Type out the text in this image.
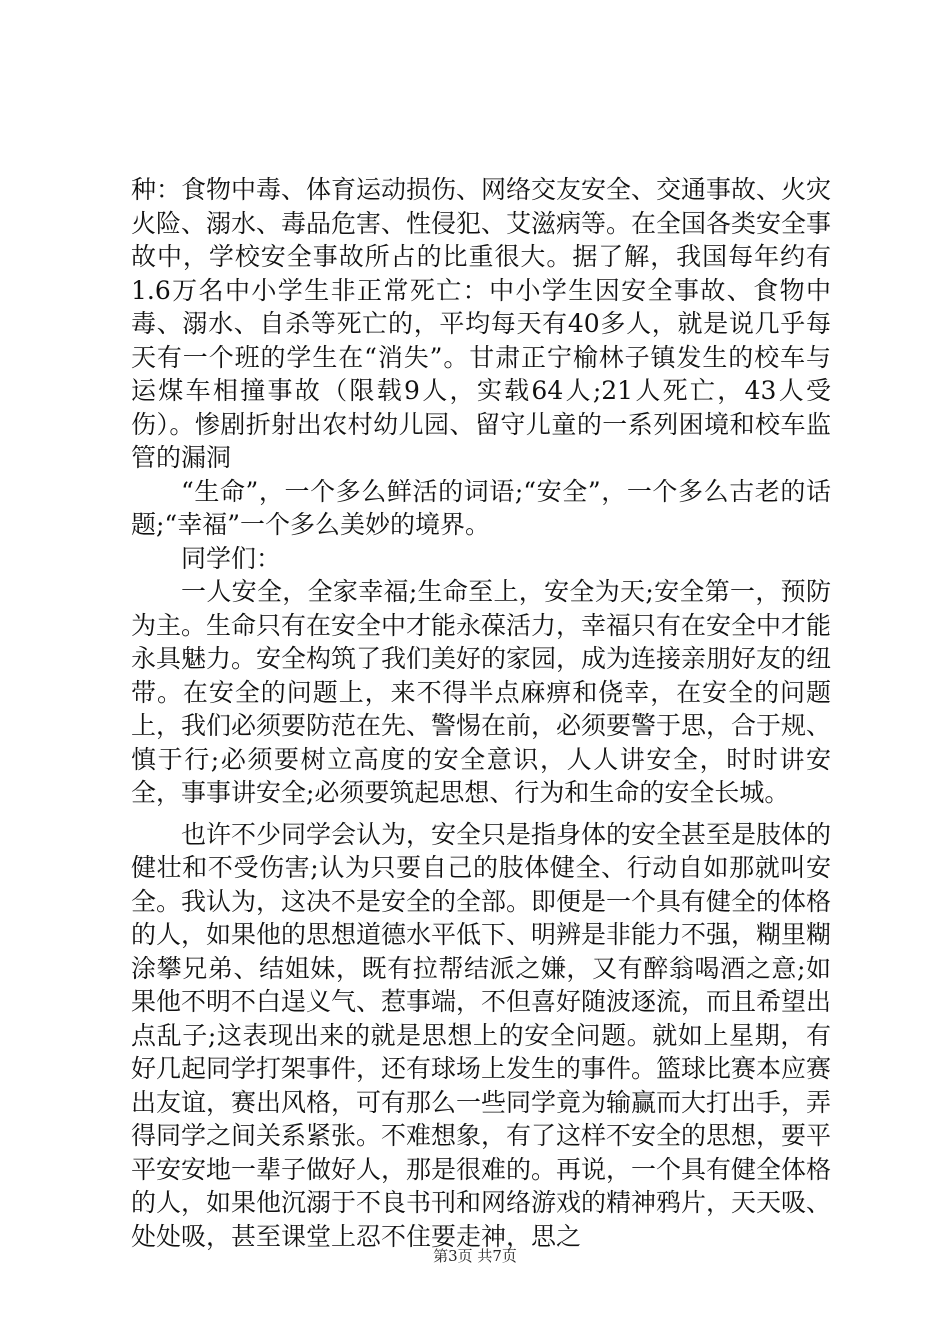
种：食物中毒、体育运动损伤、网络交友安全、交通事故、火灾火险、溺水、毒品危害、性侵犯、艾滋病等。在全国各类安全事故中，学校安全事故所占的比重很大。据了解，我国每年约有1.6万名中小学生非正常死亡：中小学生因安全事故、食物中毒、溺水、自杀等死亡的，平均每天有40多人，就是说几乎每天有一个班的学生在“消失”。甘肃正宁榆林子镇发生的校车与运煤车相撞事故（限载9人，实载64人;21人死亡，43人受伤）。惨剧折射出农村幼儿园、留守儿童的一系列困境和校车监管的漏洞

“生命”，一个多么鲜活的词语;“安全”，一个多么古老的话题;“幸福”一个多么美妙的境界。

同学们：

一人安全，全家幸福;生命至上，安全为天;安全第一，预防为主。生命只有在安全中才能永葆活力，幸福只有在安全中才能永具魅力。安全构筑了我们美好的家园，成为连接亲朋好友的纽带。在安全的问题上，来不得半点麻痹和侥幸，在安全的问题上，我们必须要防范在先、警惕在前，必须要警于思，合于规、慎于行;必须要树立高度的安全意识，人人讲安全，时时讲安全，事事讲安全;必须要筑起思想、行为和生命的安全长城。

也许不少同学会认为，安全只是指身体的安全甚至是肢体的健壮和不受伤害;认为只要自己的肢体健全、行动自如那就叫安全。我认为，这决不是安全的全部。即便是一个具有健全的体格的人，如果他的思想道德水平低下、明辨是非能力不强，糊里糊涂攀兄弟、结姐妹，既有拉帮结派之嫌，又有醉翁喝酒之意;如果他不明不白逞义气、惹事端，不但喜好随波逐流，而且希望出点乱子;这表现出来的就是思想上的安全问题。就如上星期，有好几起同学打架事件，还有球场上发生的事件。篮球比赛本应赛出友谊，赛出风格，可有那么一些同学竟为输赢而大打出手，弄得同学之间关系紧张。不难想象，有了这样不安全的思想，要平平安安地一辈子做好人，那是很难的。再说，一个具有健全体格的人，如果他沉溺于不良书刊和网络游戏的精神鸦片，天天吸、处处吸，甚至课堂上忍不住要走神，思之

第3页 共7页
